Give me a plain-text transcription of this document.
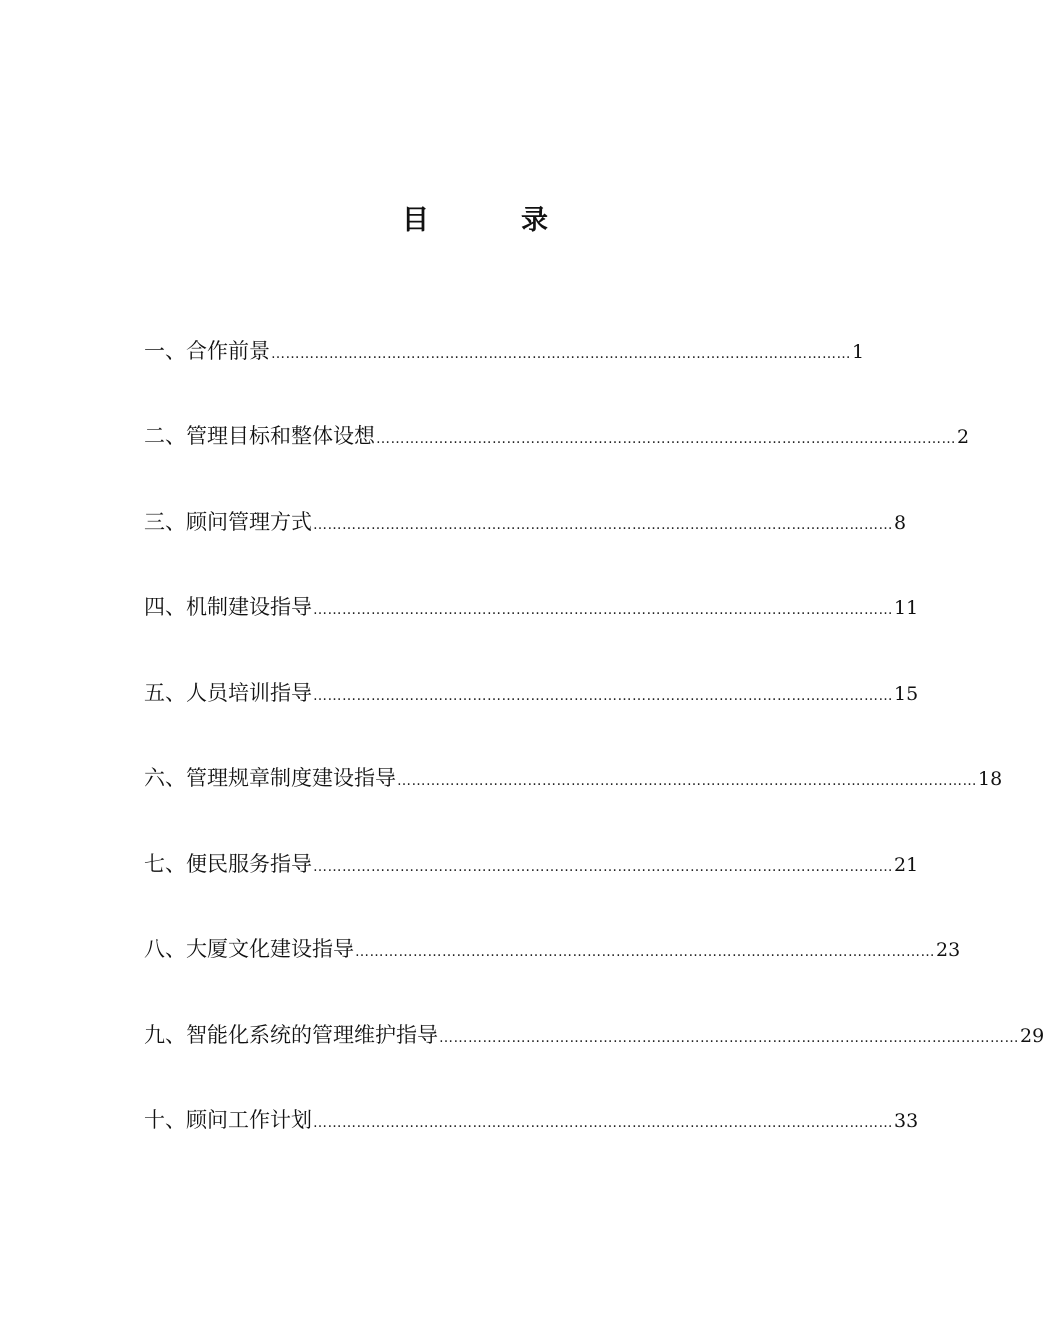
目	录
一、 合作前景 ………………………………………………………………………………………………………… 1
二、 管理目标和整体设想 ………………………………………………………………………………………………………… 2
三、 顾问管理方式 ………………………………………………………………………………………………………… 8
四、 机制建设指导 ………………………………………………………………………………………………………… 11
五、 人员培训指导 ………………………………………………………………………………………………………… 15
六、 管理规章制度建设指导 ………………………………………………………………………………………………………… 18
七、 便民服务指导 ………………………………………………………………………………………………………… 21
八、 大厦文化建设指导 ………………………………………………………………………………………………………… 23
九、 智能化系统的管理维护指导 ………………………………………………………………………………………………………… 29
十、 顾问工作计划 ………………………………………………………………………………………………………… 33
